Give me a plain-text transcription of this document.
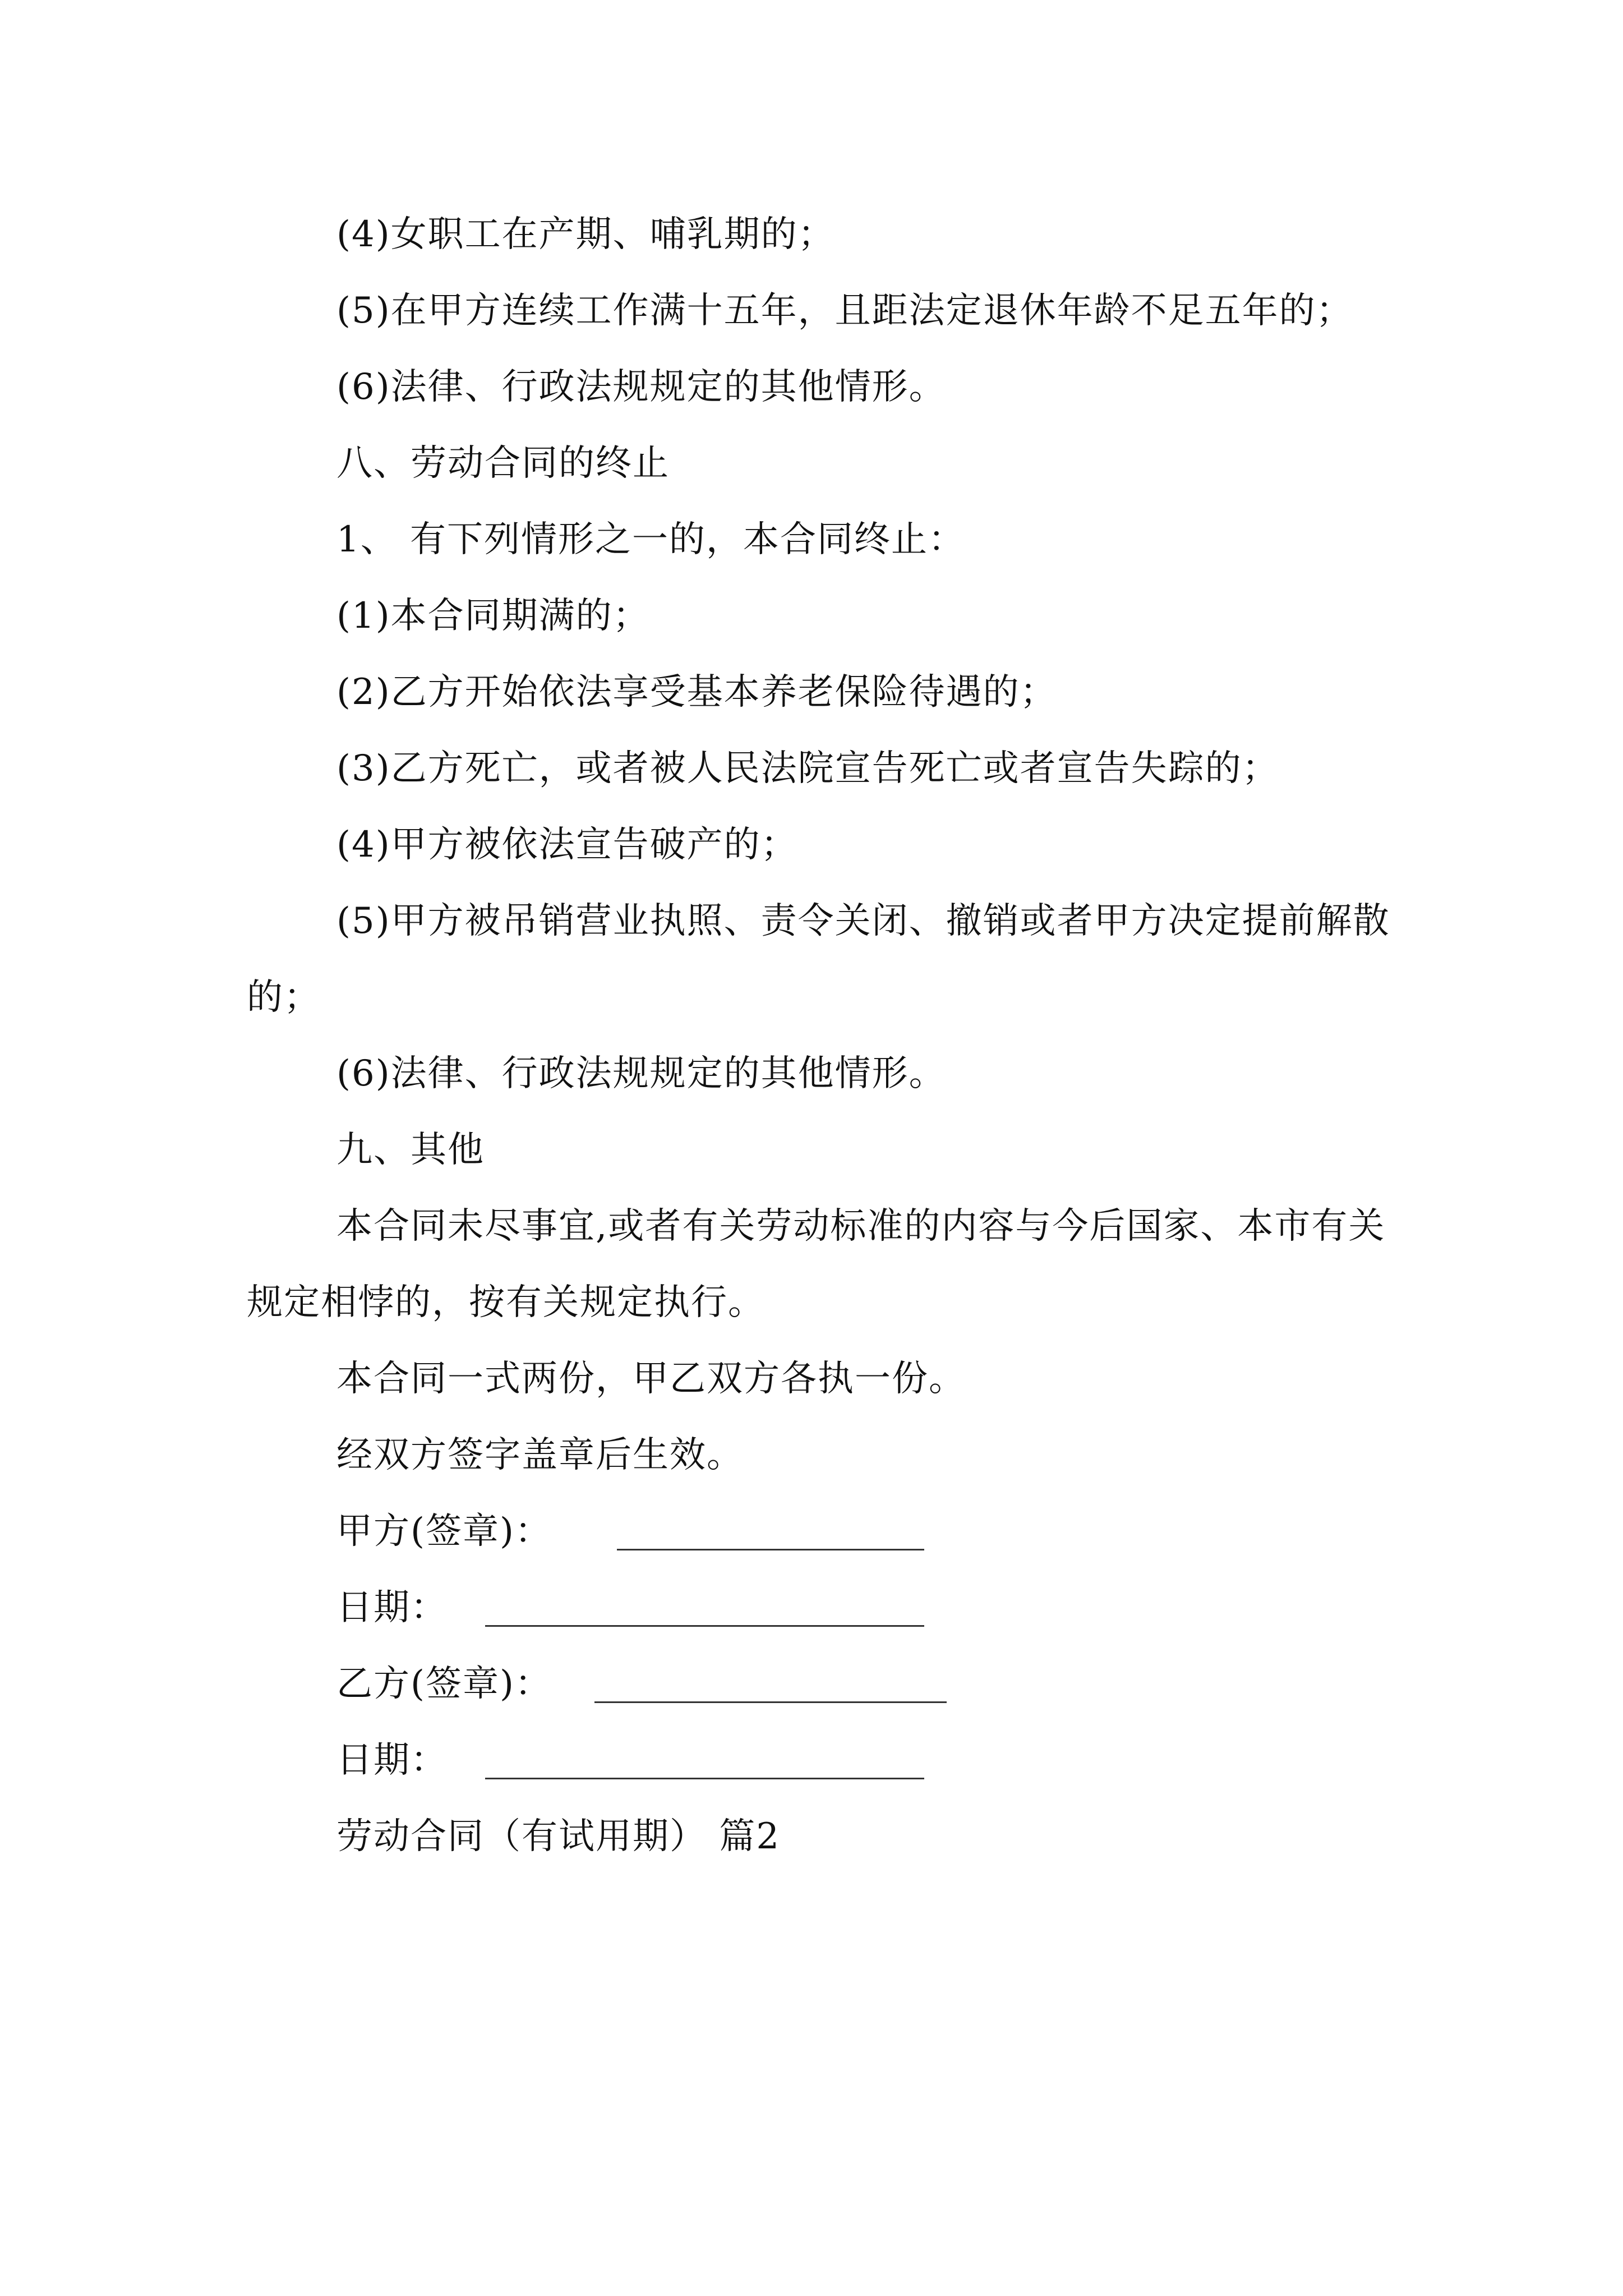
(4)女职工在产期、哺乳期的；

(5)在甲方连续工作满十五年，且距法定退休年龄不足五年的；

(6)法律、行政法规规定的其他情形。

八、劳动合同的终止

1、 有下列情形之一的，本合同终止：

(1)本合同期满的；

(2)乙方开始依法享受基本养老保险待遇的；

(3)乙方死亡，或者被人民法院宣告死亡或者宣告失踪的；

(4)甲方被依法宣告破产的；

(5)甲方被吊销营业执照、责令关闭、撤销或者甲方决定提前解散的；

(6)法律、行政法规规定的其他情形。

九、其他

本合同未尽事宜,或者有关劳动标准的内容与今后国家、本市有关规定相悖的，按有关规定执行。

本合同一式两份，甲乙双方各执一份。

经双方签字盖章后生效。

甲方(签章)：
日期：
乙方(签章)：
日期：

劳动合同（有试用期） 篇2
